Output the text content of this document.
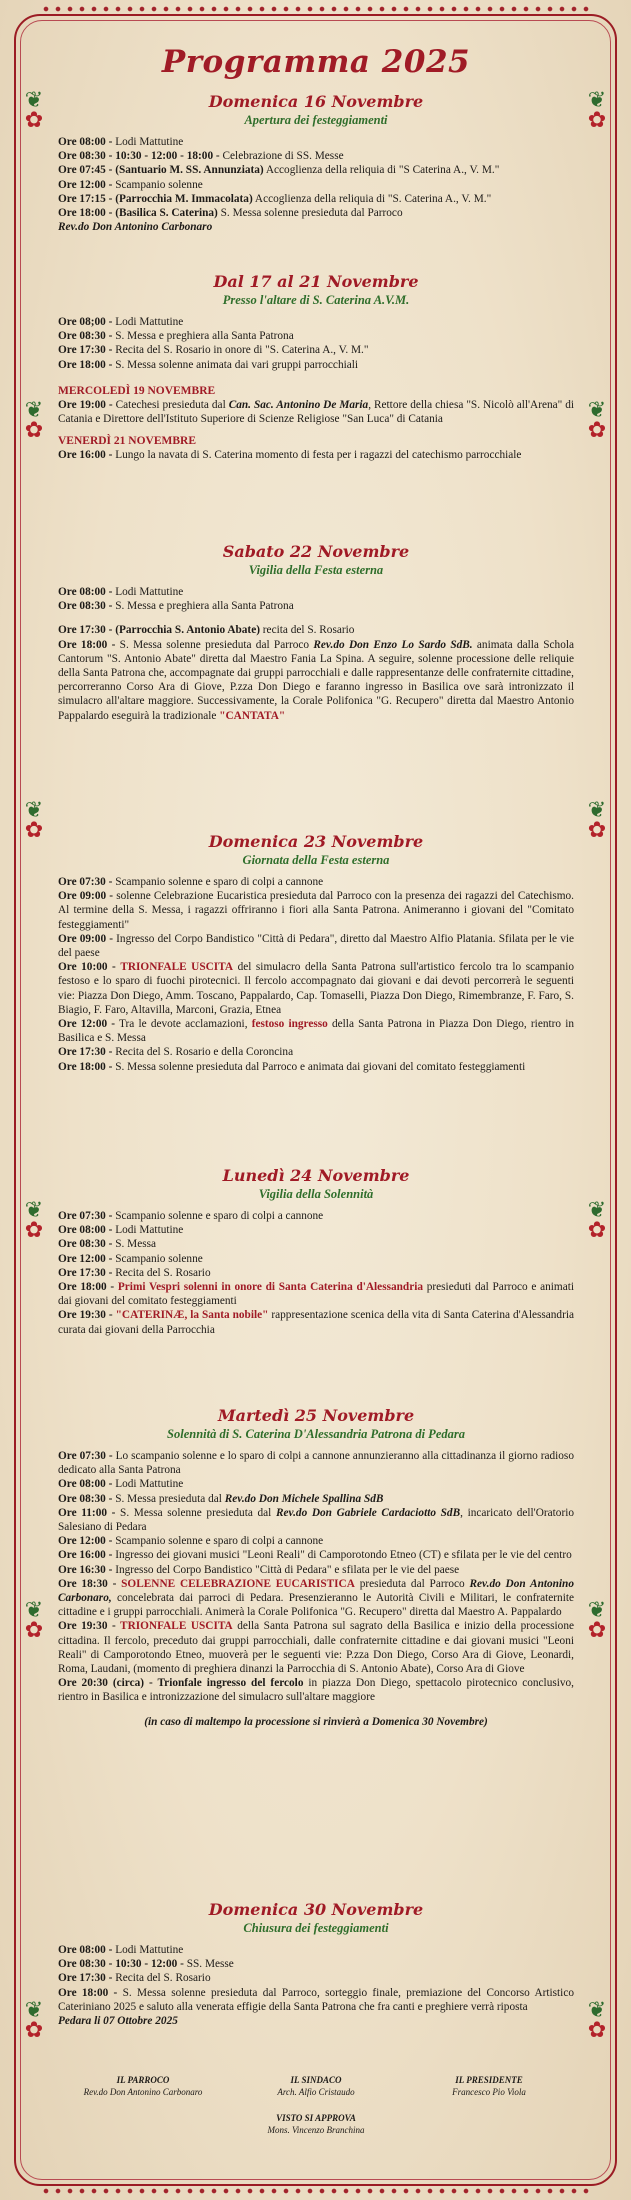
❦
✿
❦
✿
❦
✿
❦
✿
❦
✿
❦
✿
❦
✿
❦
✿
❦
✿
❦
✿
❦
✿
❦
✿
Programma 2025

Domenica 16 Novembre

Apertura dei festeggiamenti

Ore 08:00 - Lodi Mattutine

Ore 08:30 - 10:30 - 12:00 - 18:00 - Celebrazione di SS. Messe

Ore 07:45 - (Santuario M. SS. Annunziata) Accoglienza della reliquia di "S Caterina A., V. M."

Ore 12:00 - Scampanio solenne

Ore 17:15 - (Parrocchia M. Immacolata) Accoglienza della reliquia di "S. Caterina A., V. M."

Ore 18:00 - (Basilica S. Caterina) S. Messa solenne presieduta dal Parroco

Rev.do Don Antonino Carbonaro

Dal 17 al 21 Novembre

Presso l'altare di S. Caterina A.V.M.

Ore 08;00 - Lodi Mattutine

Ore 08:30 - S. Messa e preghiera alla Santa Patrona

Ore 17:30 - Recita del S. Rosario in onore di "S. Caterina A., V. M."

Ore 18:00 - S. Messa solenne animata dai vari gruppi parrocchiali

MERCOLEDÌ 19 NOVEMBRE

Ore 19:00 - Catechesi presieduta dal Can. Sac. Antonino De Maria, Rettore della chiesa "S. Nicolò all'Arena" di Catania e Direttore dell'Istituto Superiore di Scienze Religiose "San Luca" di Catania

VENERDÌ 21 NOVEMBRE

Ore 16:00 - Lungo la navata di S. Caterina momento di festa per i ragazzi del catechismo parrocchiale

Sabato 22 Novembre

Vigilia della Festa esterna

Ore 08:00 - Lodi Mattutine

Ore 08:30 - S. Messa e preghiera alla Santa Patrona

Ore 17:30 - (Parrocchia S. Antonio Abate) recita del S. Rosario

Ore 18:00 - S. Messa solenne presieduta dal Parroco Rev.do Don Enzo Lo Sardo SdB. animata dalla Schola Cantorum "S. Antonio Abate" diretta dal Maestro Fania La Spina. A seguire, solenne processione delle reliquie della Santa Patrona che, accompagnate dai gruppi parrocchiali e dalle rappresentanze delle confraternite cittadine, percorreranno Corso Ara di Giove, P.zza Don Diego e faranno ingresso in Basilica ove sarà intronizzato il simulacro all'altare maggiore. Successivamente, la Corale Polifonica "G. Recupero" diretta dal Maestro Antonio Pappalardo eseguirà la tradizionale "CANTATA"

Domenica 23 Novembre

Giornata della Festa esterna

Ore 07:30 - Scampanio solenne e sparo di colpi a cannone

Ore 09:00 - solenne Celebrazione Eucaristica presieduta dal Parroco con la presenza dei ragazzi del Catechismo. Al termine della S. Messa, i ragazzi offriranno i fiori alla Santa Patrona. Animeranno i giovani del "Comitato festeggiamenti"

Ore 09:00 - Ingresso del Corpo Bandistico "Città di Pedara", diretto dal Maestro Alfio Platania. Sfilata per le vie del paese

Ore 10:00 - TRIONFALE USCITA del simulacro della Santa Patrona sull'artistico fercolo tra lo scampanio festoso e lo sparo di fuochi pirotecnici. Il fercolo accompagnato dai giovani e dai devoti percorrerà le seguenti vie: Piazza Don Diego, Amm. Toscano, Pappalardo, Cap. Tomaselli, Piazza Don Diego, Rimembranze, F. Faro, S. Biagio, F. Faro, Altavilla, Marconi, Grazia, Etnea

Ore 12:00 - Tra le devote acclamazioni, festoso ingresso della Santa Patrona in Piazza Don Diego, rientro in Basilica e S. Messa

Ore 17:30 - Recita del S. Rosario e della Coroncina

Ore 18:00 - S. Messa solenne presieduta dal Parroco e animata dai giovani del comitato festeggiamenti

Lunedì 24 Novembre

Vigilia della Solennità

Ore 07:30 - Scampanio solenne e sparo di colpi a cannone

Ore 08:00 - Lodi Mattutine

Ore 08:30 - S. Messa

Ore 12:00 - Scampanio solenne

Ore 17:30 - Recita del S. Rosario

Ore 18:00 - Primi Vespri solenni in onore di Santa Caterina d'Alessandria presieduti dal Parroco e animati dai giovani del comitato festeggiamenti

Ore 19:30 - "CATERINÆ, la Santa nobile" rappresentazione scenica della vita di Santa Caterina d'Alessandria curata dai giovani della Parrocchia

Martedì 25 Novembre

Solennità di S. Caterina D'Alessandria Patrona di Pedara

Ore 07:30 - Lo scampanio solenne e lo sparo di colpi a cannone annunzieranno alla cittadinanza il giorno radioso dedicato alla Santa Patrona

Ore 08:00 - Lodi Mattutine

Ore 08:30 - S. Messa presieduta dal Rev.do Don Michele Spallina SdB

Ore 11:00 - S. Messa solenne presieduta dal Rev.do Don Gabriele Cardaciotto SdB, incaricato dell'Oratorio Salesiano di Pedara

Ore 12:00 - Scampanio solenne e sparo di colpi a cannone

Ore 16:00 - Ingresso dei giovani musici "Leoni Reali" di Camporotondo Etneo (CT) e sfilata per le vie del centro

Ore 16:30 - Ingresso del Corpo Bandistico "Città di Pedara" e sfilata per le vie del paese

Ore 18:30 - SOLENNE CELEBRAZIONE EUCARISTICA presieduta dal Parroco Rev.do Don Antonino Carbonaro, concelebrata dai parroci di Pedara. Presenzieranno le Autorità Civili e Militari, le confraternite cittadine e i gruppi parrocchiali. Animerà la Corale Polifonica "G. Recupero" diretta dal Maestro A. Pappalardo

Ore 19:30 - TRIONFALE USCITA della Santa Patrona sul sagrato della Basilica e inizio della processione cittadina. Il fercolo, preceduto dai gruppi parrocchiali, dalle confraternite cittadine e dai giovani musici "Leoni Reali" di Camporotondo Etneo, muoverà per le seguenti vie: P.zza Don Diego, Corso Ara di Giove, Leonardi, Roma, Laudani, (momento di preghiera dinanzi la Parrocchia di S. Antonio Abate), Corso Ara di Giove

Ore 20:30 (circa) - Trionfale ingresso del fercolo in piazza Don Diego, spettacolo pirotecnico conclusivo, rientro in Basilica e intronizzazione del simulacro sull'altare maggiore

(in caso di maltempo la processione si rinvierà a Domenica 30 Novembre)

Domenica 30 Novembre

Chiusura dei festeggiamenti

Ore 08:00 - Lodi Mattutine

Ore 08:30 - 10:30 - 12:00 - SS. Messe

Ore 17:30 - Recita del S. Rosario

Ore 18:00 - S. Messa solenne presieduta dal Parroco, sorteggio finale, premiazione del Concorso Artistico Cateriniano 2025 e saluto alla venerata effigie della Santa Patrona che fra canti e preghiere verrà riposta

Pedara li 07 Ottobre 2025

IL PARROCO
Rev.do Don Antonino Carbonaro
IL SINDACO
Arch. Alfio Cristaudo
IL PRESIDENTE
Francesco Pio Viola
VISTO SI APPROVA
Mons. Vincenzo Branchina
